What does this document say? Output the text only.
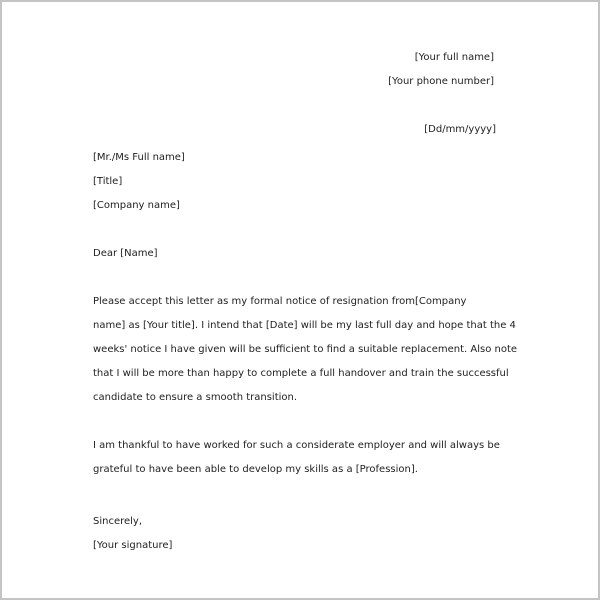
[Your full name]
[Your phone number]
[Dd/mm/yyyy]
[Mr./Ms Full name]
[Title]
[Company name]
Dear [Name]
Please accept this letter as my formal notice of resignation from[Company
name] as [Your title]. I intend that [Date] will be my last full day and hope that the 4
weeks' notice I have given will be sufficient to find a suitable replacement. Also note
that I will be more than happy to complete a full handover and train the successful
candidate to ensure a smooth transition.
I am thankful to have worked for such a considerate employer and will always be
grateful to have been able to develop my skills as a [Profession].
Sincerely,
[Your signature]
